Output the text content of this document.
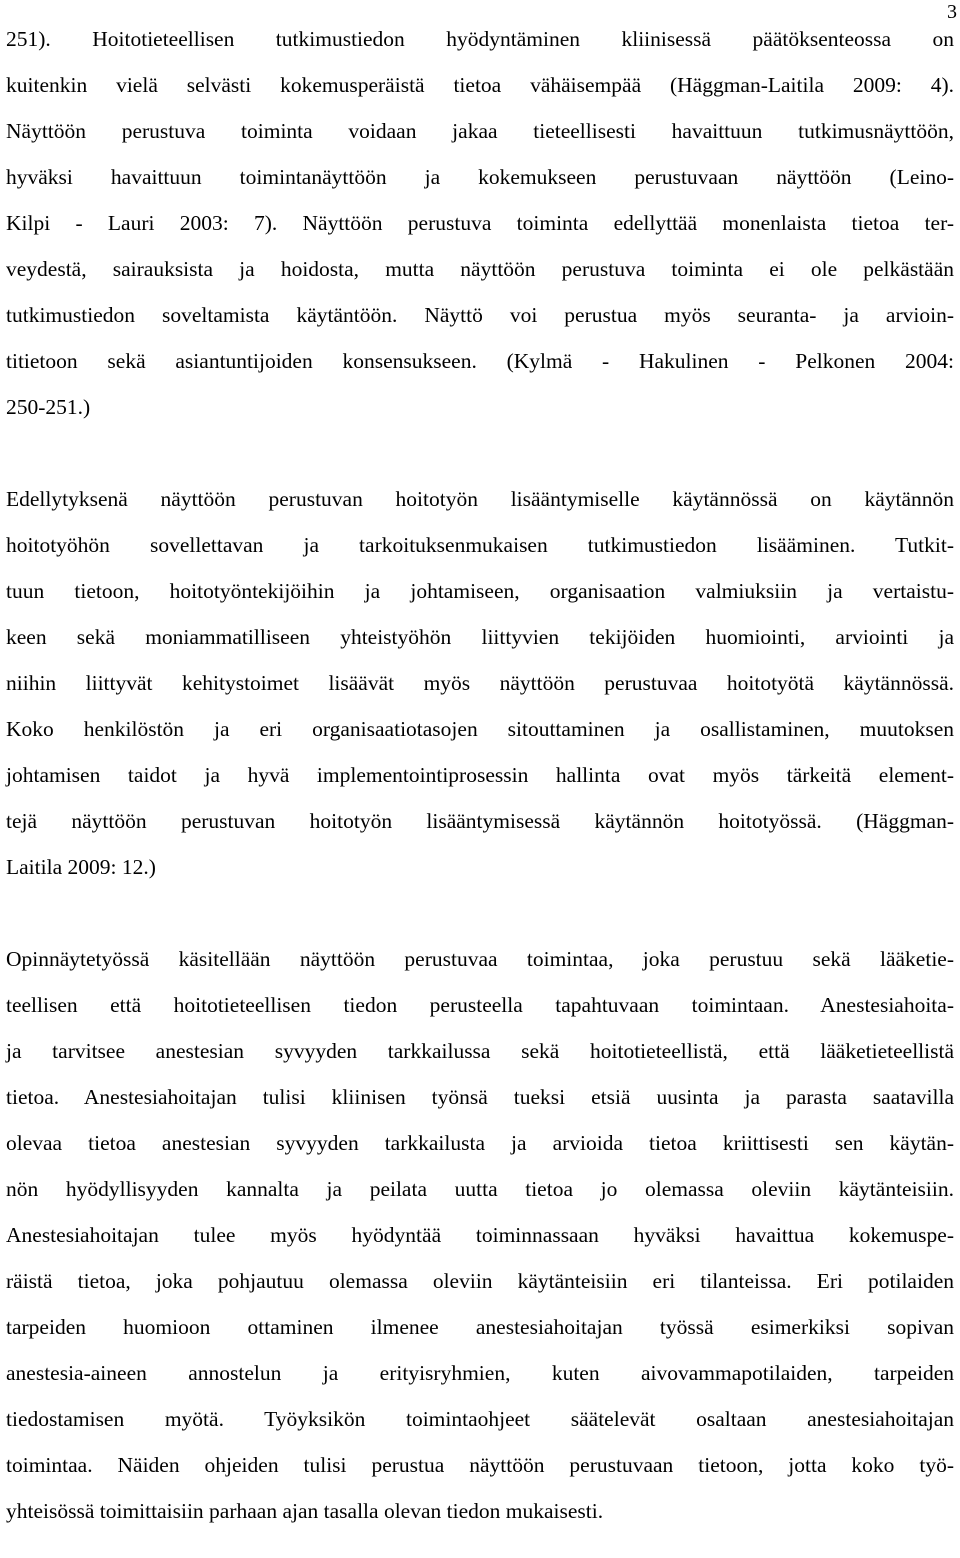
3
251). Hoitotieteellisen tutkimustiedon hyödyntäminen kliinisessä päätöksenteossa on
kuitenkin vielä selvästi kokemusperäistä tietoa vähäisempää (Häggman-Laitila 2009: 4).
Näyttöön perustuva toiminta voidaan jakaa tieteellisesti havaittuun tutkimusnäyttöön,
hyväksi havaittuun toimintanäyttöön ja kokemukseen perustuvaan näyttöön (Leino-
Kilpi - Lauri 2003: 7). Näyttöön perustuva toiminta edellyttää monenlaista tietoa ter-
veydestä, sairauksista ja hoidosta, mutta näyttöön perustuva toiminta ei ole pelkästään
tutkimustiedon soveltamista käytäntöön. Näyttö voi perustua myös seuranta- ja arvioin-
titietoon sekä asiantuntijoiden konsensukseen. (Kylmä - Hakulinen - Pelkonen 2004:
250-251.)
Edellytyksenä näyttöön perustuvan hoitotyön lisääntymiselle käytännössä on käytännön
hoitotyöhön sovellettavan ja tarkoituksenmukaisen tutkimustiedon lisääminen. Tutkit-
tuun tietoon, hoitotyöntekijöihin ja johtamiseen, organisaation valmiuksiin ja vertaistu-
keen sekä moniammatilliseen yhteistyöhön liittyvien tekijöiden huomiointi, arviointi ja
niihin liittyvät kehitystoimet lisäävät myös näyttöön perustuvaa hoitotyötä käytännössä.
Koko henkilöstön ja eri organisaatiotasojen sitouttaminen ja osallistaminen, muutoksen
johtamisen taidot ja hyvä implementointiprosessin hallinta ovat myös tärkeitä element-
tejä näyttöön perustuvan hoitotyön lisääntymisessä käytännön hoitotyössä. (Häggman-
Laitila 2009: 12.)
Opinnäytetyössä käsitellään näyttöön perustuvaa toimintaa, joka perustuu sekä lääketie-
teellisen että hoitotieteellisen tiedon perusteella tapahtuvaan toimintaan. Anestesiahoita-
ja tarvitsee anestesian syvyyden tarkkailussa sekä hoitotieteellistä, että lääketieteellistä
tietoa. Anestesiahoitajan tulisi kliinisen työnsä tueksi etsiä uusinta ja parasta saatavilla
olevaa tietoa anestesian syvyyden tarkkailusta ja arvioida tietoa kriittisesti sen käytän-
nön hyödyllisyyden kannalta ja peilata uutta tietoa jo olemassa oleviin käytänteisiin.
Anestesiahoitajan tulee myös hyödyntää toiminnassaan hyväksi havaittua kokemuspe-
räistä tietoa, joka pohjautuu olemassa oleviin käytänteisiin eri tilanteissa. Eri potilaiden
tarpeiden huomioon ottaminen ilmenee anestesiahoitajan työssä esimerkiksi sopivan
anestesia-aineen annostelun ja erityisryhmien, kuten aivovammapotilaiden, tarpeiden
tiedostamisen myötä. Työyksikön toimintaohjeet säätelevät osaltaan anestesiahoitajan
toimintaa. Näiden ohjeiden tulisi perustua näyttöön perustuvaan tietoon, jotta koko työ-
yhteisössä toimittaisiin parhaan ajan tasalla olevan tiedon mukaisesti.
